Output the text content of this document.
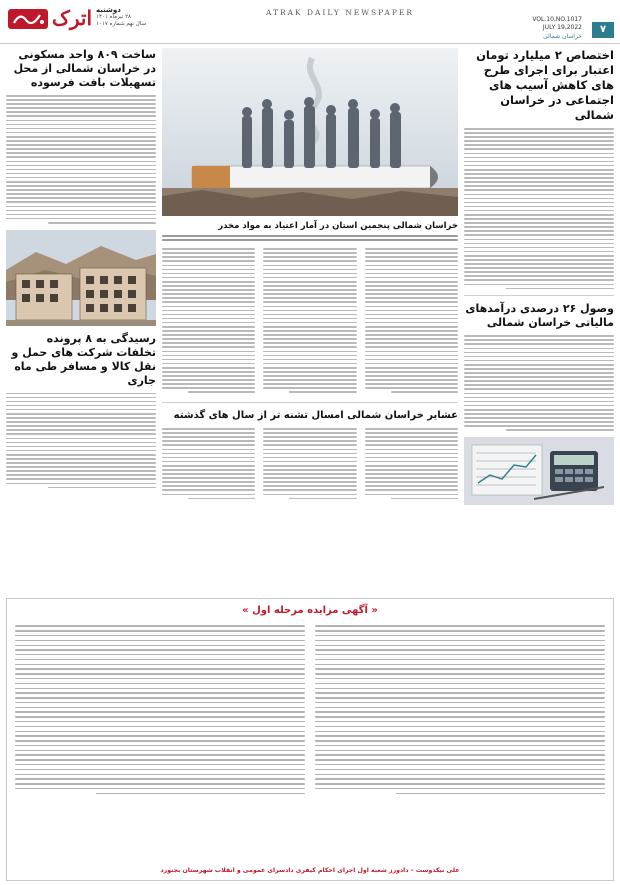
اترک دوشنبه
۲۸ تیرماه ۱۴۰۱
سال نهم شماره ۱۰۱۷
ATRAK DAILY NEWSPAPER
VOL.10,NO.1017
JULY 19,2022	۷
خراسان شمالی
اختصاص ۲ میلیارد تومان اعتبار برای اجرای طرح های کاهش آسیب های اجتماعی در خراسان شمالی
وصول ۲۶ درصدی درآمدهای مالیاتی خراسان شمالی
خراسان شمالی پنجمین استان در آمار اعتیاد به مواد مخدر
عشایر خراسان شمالی امسال تشنه تر از سال های گذشته
ساخت ۸۰۹ واحد مسکونی در خراسان شمالی از محل تسهیلات بافت فرسوده
رسیدگی به ۸ پرونده تخلفات شرکت های حمل و نقل کالا و مسافر طی ماه جاری
« آگهی مزایده مرحله اول »
علی نیکدوست – دادورز شعبه اول اجرای احکام کیفری دادسرای عمومی و انقلاب شهرستان بجنورد
